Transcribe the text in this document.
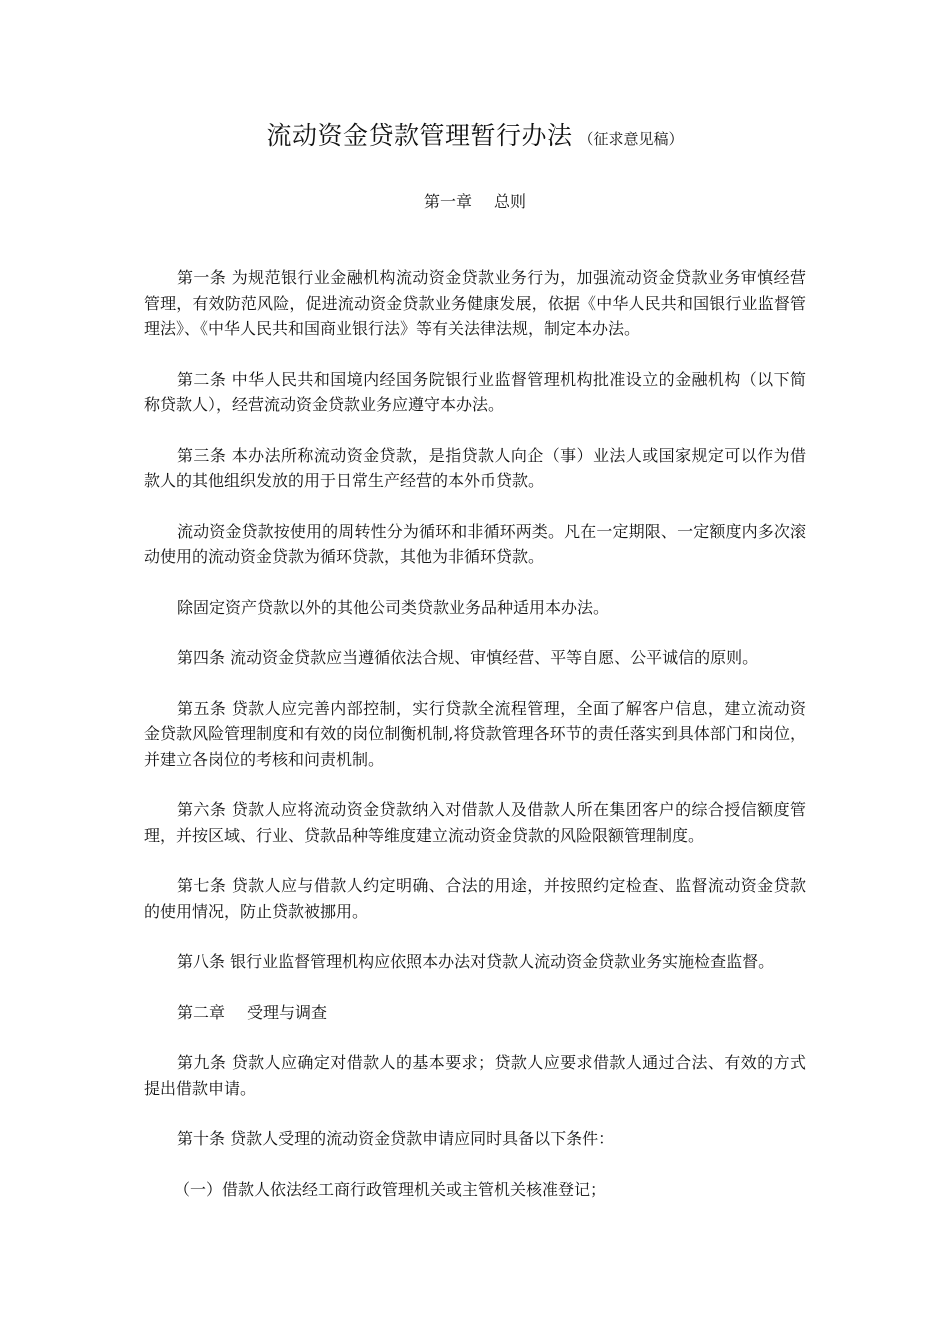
流动资金贷款管理暂行办法 （征求意见稿）
第一章 总则

第一条 为规范银行业金融机构流动资金贷款业务行为，加强流动资金贷款业务审慎经营管理，有效防范风险，促进流动资金贷款业务健康发展，依据《中华人民共和国银行业监督管理法》、《中华人民共和国商业银行法》等有关法律法规，制定本办法。

第二条 中华人民共和国境内经国务院银行业监督管理机构批准设立的金融机构（以下简称贷款人），经营流动资金贷款业务应遵守本办法。

第三条 本办法所称流动资金贷款，是指贷款人向企（事）业法人或国家规定可以作为借款人的其他组织发放的用于日常生产经营的本外币贷款。

流动资金贷款按使用的周转性分为循环和非循环两类。凡在一定期限、一定额度内多次滚动使用的流动资金贷款为循环贷款，其他为非循环贷款。

除固定资产贷款以外的其他公司类贷款业务品种适用本办法。

第四条 流动资金贷款应当遵循依法合规、审慎经营、平等自愿、公平诚信的原则。

第五条 贷款人应完善内部控制，实行贷款全流程管理，全面了解客户信息，建立流动资金贷款风险管理制度和有效的岗位制衡机制,将贷款管理各环节的责任落实到具体部门和岗位，并建立各岗位的考核和问责机制。

第六条 贷款人应将流动资金贷款纳入对借款人及借款人所在集团客户的综合授信额度管理，并按区域、行业、贷款品种等维度建立流动资金贷款的风险限额管理制度。

第七条 贷款人应与借款人约定明确、合法的用途，并按照约定检查、监督流动资金贷款的使用情况，防止贷款被挪用。

第八条 银行业监督管理机构应依照本办法对贷款人流动资金贷款业务实施检查监督。

第二章 受理与调查

第九条 贷款人应确定对借款人的基本要求；贷款人应要求借款人通过合法、有效的方式提出借款申请。

第十条 贷款人受理的流动资金贷款申请应同时具备以下条件：

（一）借款人依法经工商行政管理机关或主管机关核准登记；
